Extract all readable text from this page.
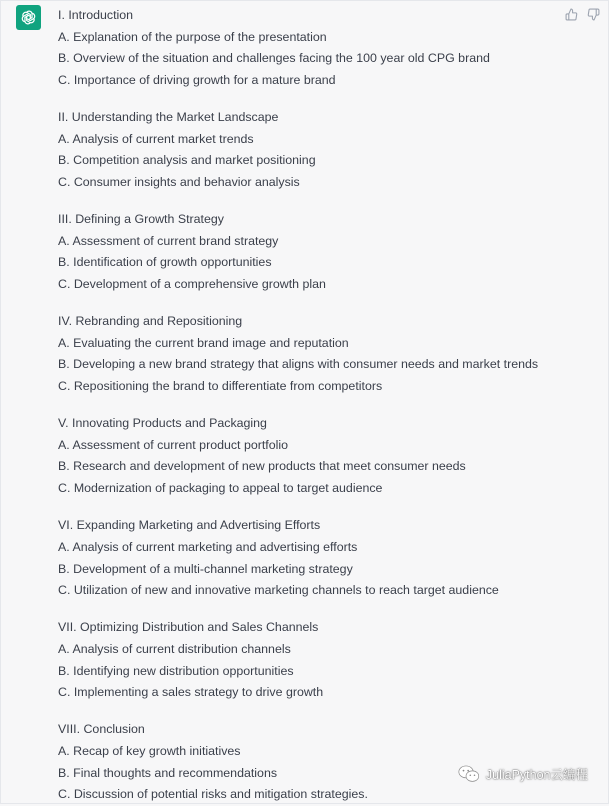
I. Introduction
A. Explanation of the purpose of the presentation
B. Overview of the situation and challenges facing the 100 year old CPG brand
C. Importance of driving growth for a mature brand
II. Understanding the Market Landscape
A. Analysis of current market trends
B. Competition analysis and market positioning
C. Consumer insights and behavior analysis
III. Defining a Growth Strategy
A. Assessment of current brand strategy
B. Identification of growth opportunities
C. Development of a comprehensive growth plan
IV. Rebranding and Repositioning
A. Evaluating the current brand image and reputation
B. Developing a new brand strategy that aligns with consumer needs and market trends
C. Repositioning the brand to differentiate from competitors
V. Innovating Products and Packaging
A. Assessment of current product portfolio
B. Research and development of new products that meet consumer needs
C. Modernization of packaging to appeal to target audience
VI. Expanding Marketing and Advertising Efforts
A. Analysis of current marketing and advertising efforts
B. Development of a multi-channel marketing strategy
C. Utilization of new and innovative marketing channels to reach target audience
VII. Optimizing Distribution and Sales Channels
A. Analysis of current distribution channels
B. Identifying new distribution opportunities
C. Implementing a sales strategy to drive growth
VIII. Conclusion
A. Recap of key growth initiatives
B. Final thoughts and recommendations
C. Discussion of potential risks and mitigation strategies.
JuliaPython云编程
